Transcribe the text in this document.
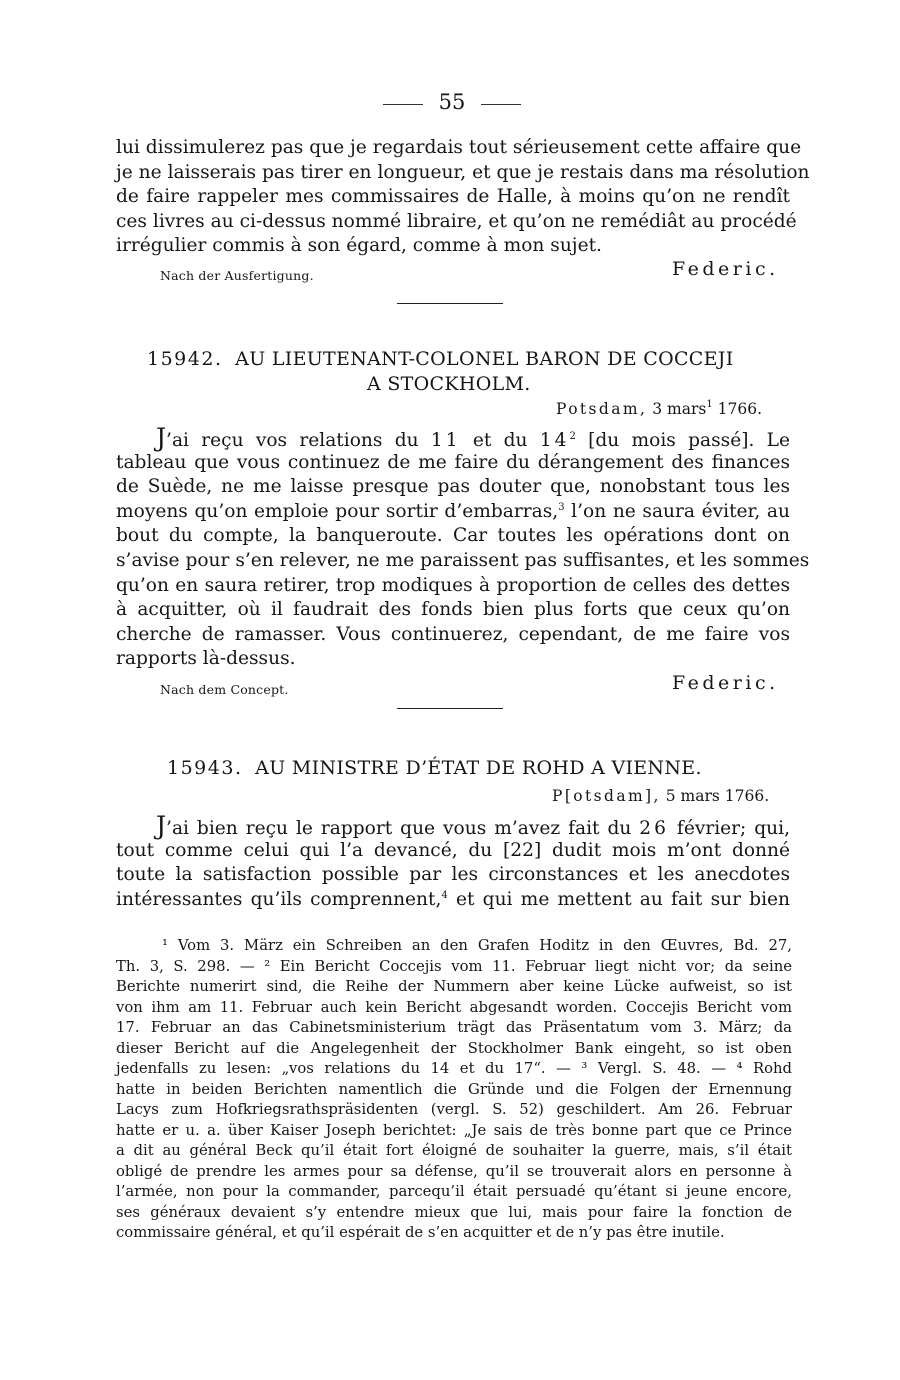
55
lui dissimulerez pas que je regardais tout sérieusement cette affaire que
je ne laisserais pas tirer en longueur, et que je restais dans ma résolution
de faire rappeler mes commissaires de Halle, à moins qu’on ne rendît
ces livres au ci-dessus nommé libraire, et qu’on ne remédiât au procédé
irrégulier commis à son égard, comme à mon sujet.
Nach der Ausfertigung.	Federic.
15942. AU LIEUTENANT-COLONEL BARON DE COCCEJI
A STOCKHOLM.
Potsdam, 3 mars$^1$ 1766.
J’ai reçu vos relations du 11 et du $14^2$ [du mois passé]. Le
tableau que vous continuez de me faire du dérangement des finances
de Suède, ne me laisse presque pas douter que, nonobstant tous les
moyens qu’on emploie pour sortir d’embarras,$^3$ l’on ne saura éviter, au
bout du compte, la banqueroute. Car toutes les opérations dont on
s’avise pour s’en relever, ne me paraissent pas suffisantes, et les sommes
qu’on en saura retirer, trop modiques à proportion de celles des dettes
à acquitter, où il faudrait des fonds bien plus forts que ceux qu’on
cherche de ramasser. Vous continuerez, cependant, de me faire vos
rapports là-dessus.
Nach dem Concept.	Federic.
15943. AU MINISTRE D’ÉTAT DE ROHD A VIENNE.
P[otsdam], 5 mars 1766.
J’ai bien reçu le rapport que vous m’avez fait du 26 février; qui,
tout comme celui qui l’a devancé, du [22] dudit mois m’ont donné
toute la satisfaction possible par les circonstances et les anecdotes
intéressantes qu’ils comprennent,$^4$ et qui me mettent au fait sur bien
¹ Vom 3. März ein Schreiben an den Grafen Hoditz in den Œuvres, Bd. 27,
Th. 3, S. 298. — ² Ein Bericht Coccejis vom 11. Februar liegt nicht vor; da seine
Berichte numerirt sind, die Reihe der Nummern aber keine Lücke aufweist, so ist
von ihm am 11. Februar auch kein Bericht abgesandt worden. Coccejis Bericht vom
17. Februar an das Cabinetsministerium trägt das Präsentatum vom 3. März; da
dieser Bericht auf die Angelegenheit der Stockholmer Bank eingeht, so ist oben
jedenfalls zu lesen: „vos relations du 14 et du 17“. — ³ Vergl. S. 48. — ⁴ Rohd
hatte in beiden Berichten namentlich die Gründe und die Folgen der Ernennung
Lacys zum Hofkriegsrathspräsidenten (vergl. S. 52) geschildert. Am 26. Februar
hatte er u. a. über Kaiser Joseph berichtet: „Je sais de très bonne part que ce Prince
a dit au général Beck qu’il était fort éloigné de souhaiter la guerre, mais, s’il était
obligé de prendre les armes pour sa défense, qu’il se trouverait alors en personne à
l’armée, non pour la commander, parcequ’il était persuadé qu’étant si jeune encore,
ses généraux devaient s’y entendre mieux que lui, mais pour faire la fonction de
commissaire général, et qu’il espérait de s’en acquitter et de n’y pas être inutile.
